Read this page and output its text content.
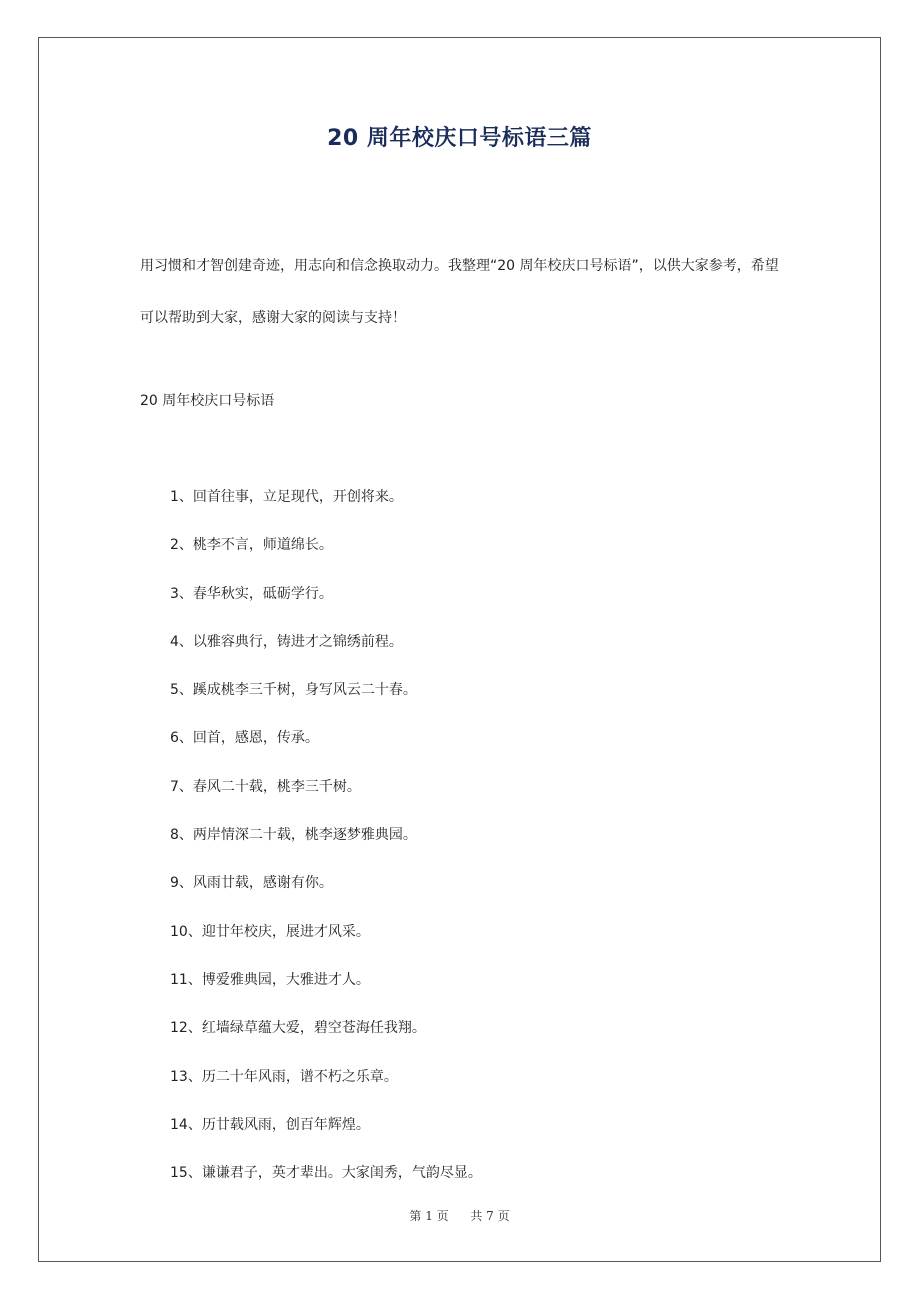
20 周年校庆口号标语三篇

用习惯和才智创建奇迹，用志向和信念换取动力。我整理“20 周年校庆口号标语”，以供大家参考，希望可以帮助到大家，感谢大家的阅读与支持！

20 周年校庆口号标语

1、回首往事，立足现代，开创将来。
2、桃李不言，师道绵长。
3、春华秋实，砥砺学行。
4、以雅容典行，铸进才之锦绣前程。
5、蹊成桃李三千树，身写风云二十春。
6、回首，感恩，传承。
7、春风二十载，桃李三千树。
8、两岸情深二十载，桃李逐梦雅典园。
9、风雨廿载，感谢有你。
10、迎廿年校庆，展进才风采。
11、博爱雅典园，大雅进才人。
12、红墙绿草蕴大爱，碧空苍海任我翔。
13、历二十年风雨，谱不朽之乐章。
14、历廿载风雨，创百年辉煌。
15、谦谦君子，英才辈出。大家闺秀，气韵尽显。
第 1 页 共 7 页
